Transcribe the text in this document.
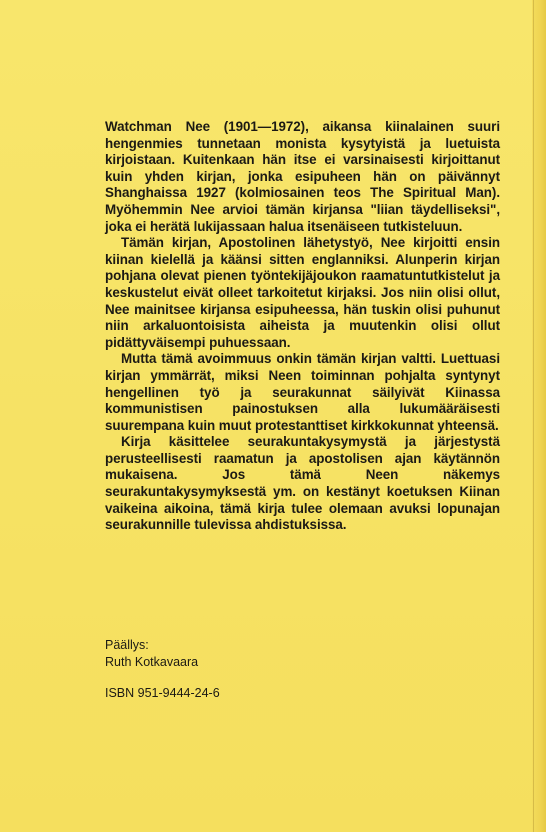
Watchman Nee (1901—1972), aikansa kiinalainen suuri hengenmies tunnetaan monista kysytyistä ja luetuista kirjoistaan. Kuitenkaan hän itse ei varsinaisesti kirjoittanut kuin yhden kirjan, jonka esipuheen hän on päivännyt Shanghaissa 1927 (kolmiosainen teos The Spiritual Man). Myöhemmin Nee arvioi tämän kirjansa "liian täydelliseksi", joka ei herätä lukijassaan halua itsenäiseen tutkisteluun.

Tämän kirjan, Apostolinen lähetystyö, Nee kirjoitti ensin kiinan kielellä ja käänsi sitten englanniksi. Alunperin kirjan pohjana olevat pienen työntekijäjoukon raamatuntutkistelut ja keskustelut eivät olleet tarkoitetut kirjaksi. Jos niin olisi ollut, Nee mainitsee kirjansa esipuheessa, hän tuskin olisi puhunut niin arkaluontoisista aiheista ja muutenkin olisi ollut pidättyväisempi puhuessaan.

Mutta tämä avoimmuus onkin tämän kirjan valtti. Luettuasi kirjan ymmärrät, miksi Neen toiminnan pohjalta syntynyt hengellinen työ ja seurakunnat säilyivät Kiinassa kommunistisen painostuksen alla lukumääräisesti suurempana kuin muut protestanttiset kirkkokunnat yhteensä.

Kirja käsittelee seurakuntakysymystä ja järjestystä perusteellisesti raamatun ja apostolisen ajan käytännön mukaisena. Jos tämä Neen näkemys seurakuntakysymyksestä ym. on kestänyt koetuksen Kiinan vaikeina aikoina, tämä kirja tulee olemaan avuksi lopunajan seurakunnille tulevissa ahdistuksissa.

Päällys:
Ruth Kotkavaara
ISBN 951-9444-24-6
